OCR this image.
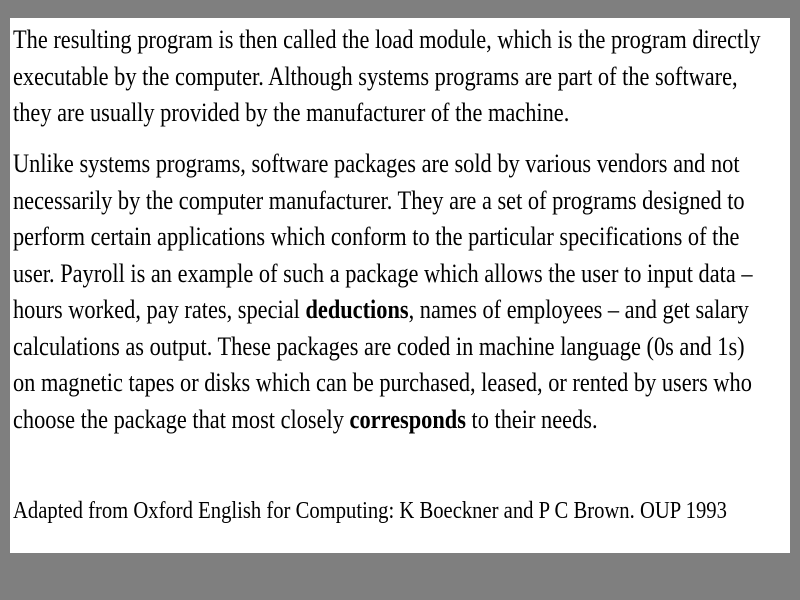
The resulting program is then called the load module, which is the program directly
executable by the computer. Although systems programs are part of the software,
they are usually provided by the manufacturer of the machine.

Unlike systems programs, software packages are sold by various vendors and not
necessarily by the computer manufacturer. They are a set of programs designed to
perform certain applications which conform to the particular specifications of the
user. Payroll is an example of such a package which allows the user to input data –
hours worked, pay rates, special deductions, names of employees – and get salary
calculations as output. These packages are coded in machine language (0s and 1s)
on magnetic tapes or disks which can be purchased, leased, or rented by users who
choose the package that most closely corresponds to their needs.

Adapted from Oxford English for Computing: K Boeckner and P C Brown. OUP 1993
